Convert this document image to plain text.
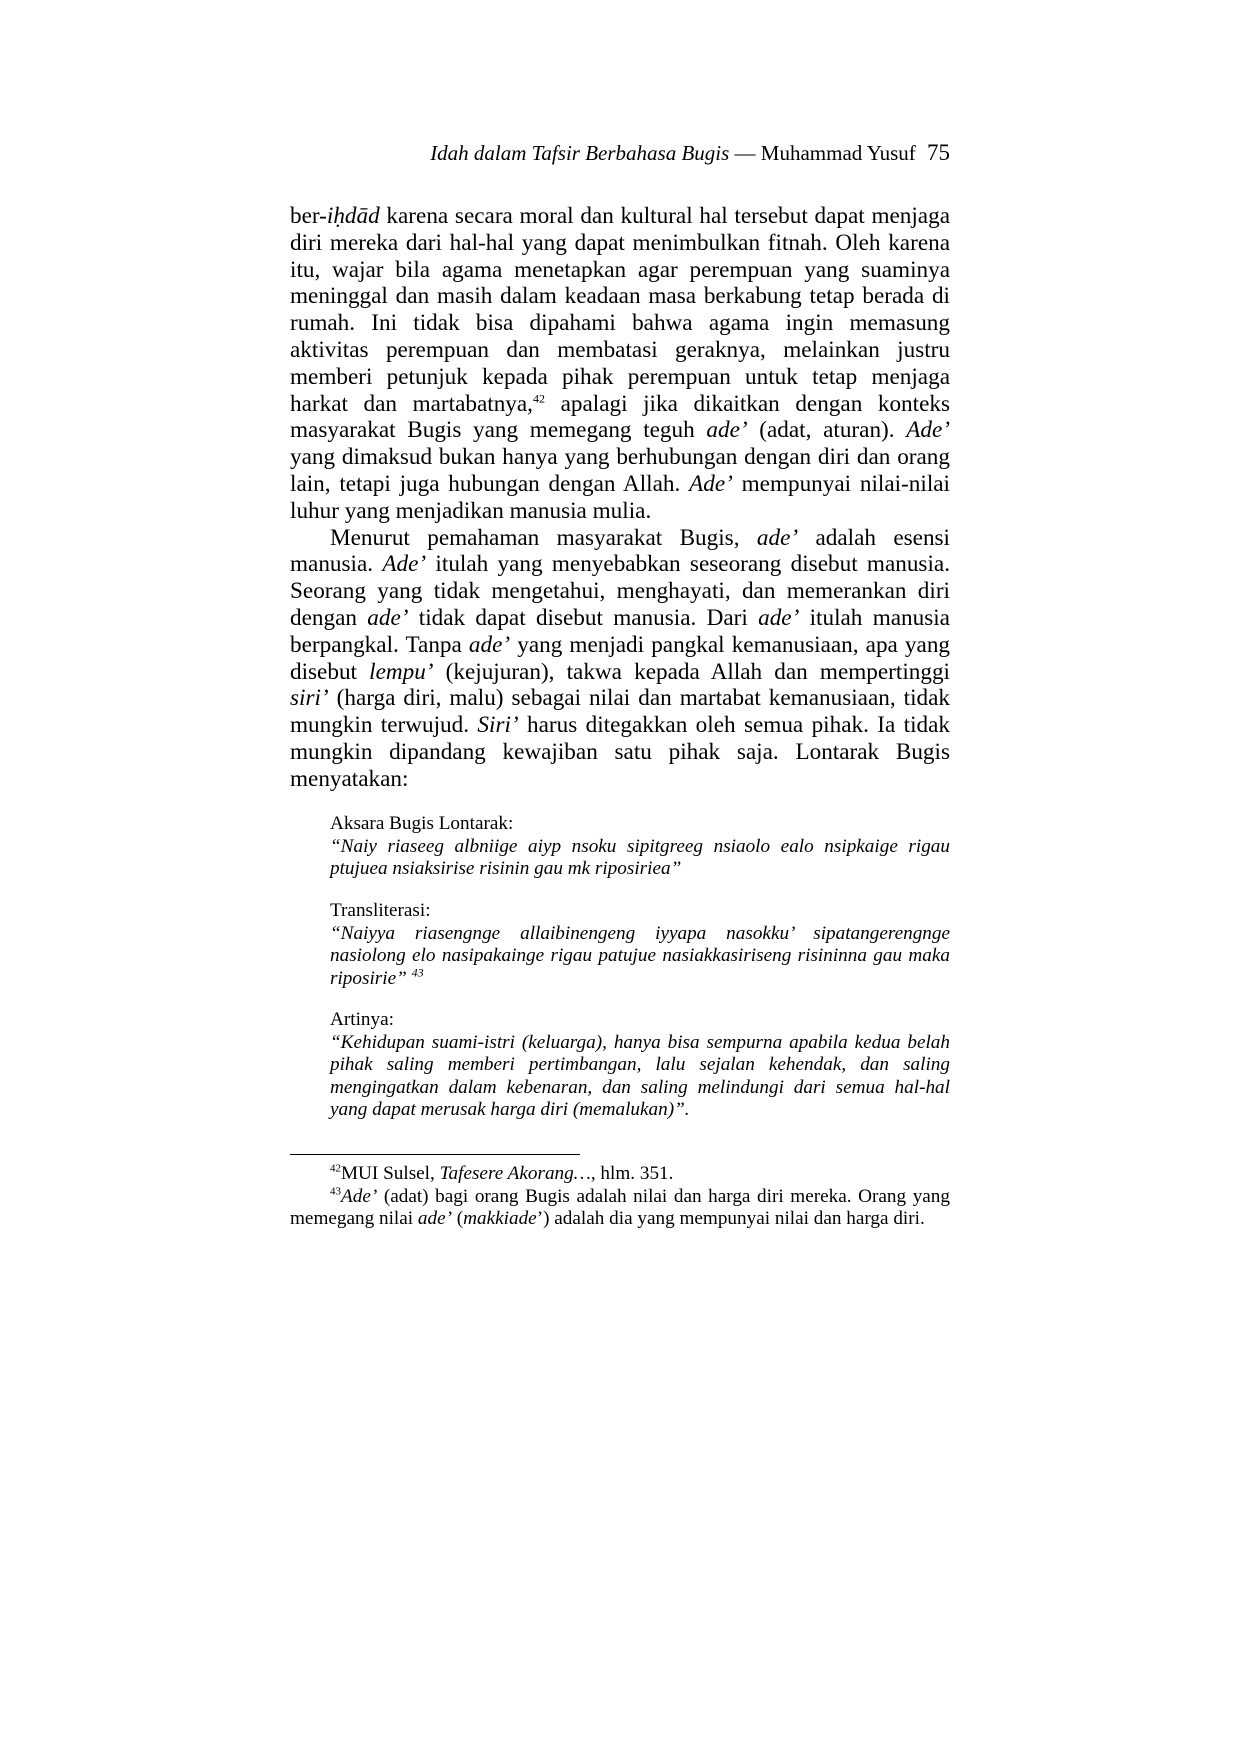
Idah dalam Tafsir Berbahasa Bugis — Muhammad Yusuf 75

ber-iḥdād karena secara moral dan kultural hal tersebut dapat menjaga diri mereka dari hal-hal yang dapat menimbulkan fitnah. Oleh karena itu, wajar bila agama menetapkan agar perempuan yang suaminya meninggal dan masih dalam keadaan masa berkabung tetap berada di rumah. Ini tidak bisa dipahami bahwa agama ingin memasung aktivitas perempuan dan membatasi geraknya, melainkan justru memberi petunjuk kepada pihak perempuan untuk tetap menjaga harkat dan martabatnya,$^{42}$ apalagi jika dikaitkan dengan konteks masyarakat Bugis yang memegang teguh ade’ (adat, aturan). Ade’ yang dimaksud bukan hanya yang berhubungan dengan diri dan orang lain, tetapi juga hubungan dengan Allah. Ade’ mempunyai nilai-nilai luhur yang menjadikan manusia mulia.

Menurut pemahaman masyarakat Bugis, ade’ adalah esensi manusia. Ade’ itulah yang menyebabkan seseorang disebut manusia. Seorang yang tidak mengetahui, menghayati, dan memerankan diri dengan ade’ tidak dapat disebut manusia. Dari ade’ itulah manusia berpangkal. Tanpa ade’ yang menjadi pangkal kemanusiaan, apa yang disebut lempu’ (kejujuran), takwa kepada Allah dan mempertinggi siri’ (harga diri, malu) sebagai nilai dan martabat kemanusiaan, tidak mungkin terwujud. Siri’ harus ditegakkan oleh semua pihak. Ia tidak mungkin dipandang kewajiban satu pihak saja. Lontarak Bugis menyatakan:

Aksara Bugis Lontarak:
“Naiy riaseeg albniige aiyp nsoku sipitgreeg nsiaolo ealo nsipkaige rigau ptujuea nsiaksirise risinin gau mk riposiriea”
Transliterasi:
“Naiyya riasengnge allaibinengeng iyyapa nasokku’ sipatangerengnge nasiolong elo nasipakainge rigau patujue nasiakkasiriseng risininna gau maka riposirie” $^{43}$
Artinya:
“Kehidupan suami-istri (keluarga), hanya bisa sempurna apabila kedua belah pihak saling memberi pertimbangan, lalu sejalan kehendak, dan saling mengingatkan dalam kebenaran, dan saling melindungi dari semua hal-hal yang dapat merusak harga diri (memalukan)”.

$^{42}$MUI Sulsel, Tafesere Akorang…, hlm. 351.

$^{43}$Ade’ (adat) bagi orang Bugis adalah nilai dan harga diri mereka. Orang yang memegang nilai ade’ (makkiade’) adalah dia yang mempunyai nilai dan harga diri.
